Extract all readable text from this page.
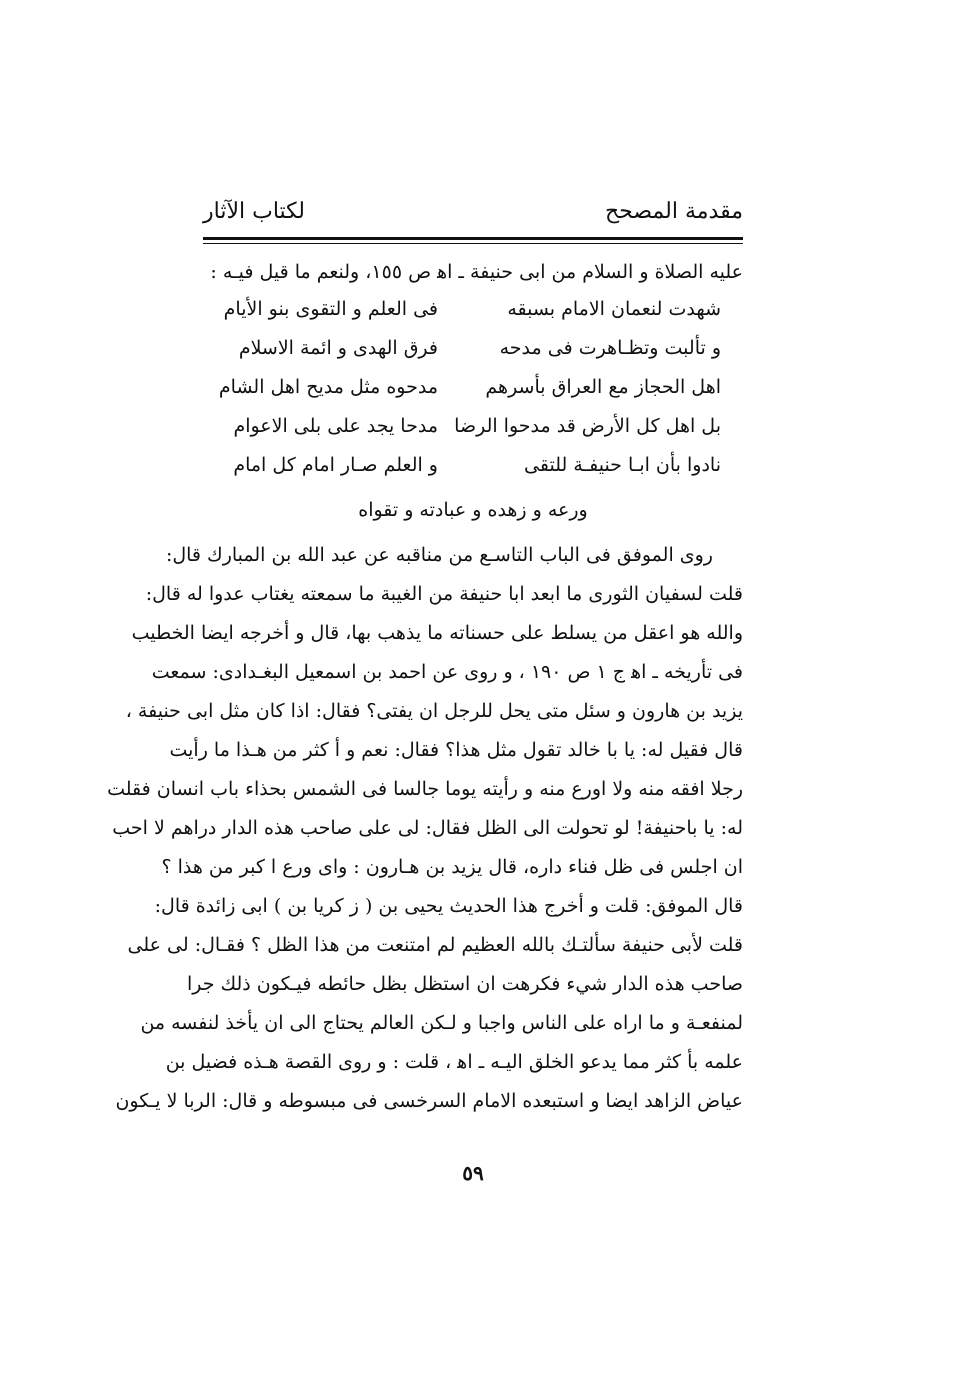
مقدمة المصحح
لكتاب الآثار
عليه الصلاة و السلام من ابى حنيفة ـ اﻫ ص ١٥٥، ولنعم ما قيل فيـه :
شهدت لنعمان الامام بسبقه
فى العلم و التقوى بنو الأيام
و تألبت وتظـاهرت فى مدحه
فرق الهدى و ائمة الاسلام
اهل الحجاز مع العراق بأسرهم
مدحوه مثل مديح اهل الشام
بل اهل كل الأرض قد مدحوا الرضا
مدحا يجد على بلى الاعوام
نادوا بأن ابـا حنيفـة للتقى
و العلم صـار امام كل امام
ورعه و زهده و عبادته و تقواه
روى الموفق فى الباب التاسـع من مناقبه عن عبد الله بن المبارك قال:
قلت لسفيان الثورى ما ابعد ابا حنيفة من الغيبة ما سمعته يغتاب عدوا له قال:
والله هو اعقل من يسلط على حسناته ما يذهب بها، قال و أخرجه ايضا الخطيب
فى تأريخه ـ اﻫ ج ١ ص ١٩٠ ، و روى عن احمد بن اسمعيل البغـدادى: سمعت
يزيد بن هارون و سئل متى يحل للرجل ان يفتى؟ فقال: اذا كان مثل ابى حنيفة ،
قال فقيل له: يا با خالد تقول مثل هذا؟ فقال: نعم و أ كثر من هـذا ما رأيت
رجلا افقه منه ولا اورع منه و رأيته يوما جالسا فى الشمس بحذاء باب انسان فقلت
له: يا باحنيفة! لو تحولت الى الظل فقال: لى على صاحب هذه الدار دراهم لا احب
ان اجلس فى ظل فناء داره، قال يزيد بن هـارون : واى ورع ا كبر من هذا ؟
قال الموفق: قلت و أخرج هذا الحديث يحيى بن ( ز كريا بن ) ابى زائدة قال:
قلت لأبى حنيفة سألتـك بالله العظيم لم امتنعت من هذا الظل ؟ فقـال: لى على
صاحب هذه الدار شيء فكرهت ان استظل بظل حائطه فيـكون ذلك جرا
لمنفعـة و ما اراه على الناس واجبا و لـكن العالم يحتاج الى ان يأخذ لنفسه من
علمه بأ كثر مما يدعو الخلق اليـه ـ اﻫ ، قلت : و روى القصة هـذه فضيل بن
عياض الزاهد ايضا و استبعده الامام السرخسى فى مبسوطه و قال: الربا لا يـكون
٥٩
